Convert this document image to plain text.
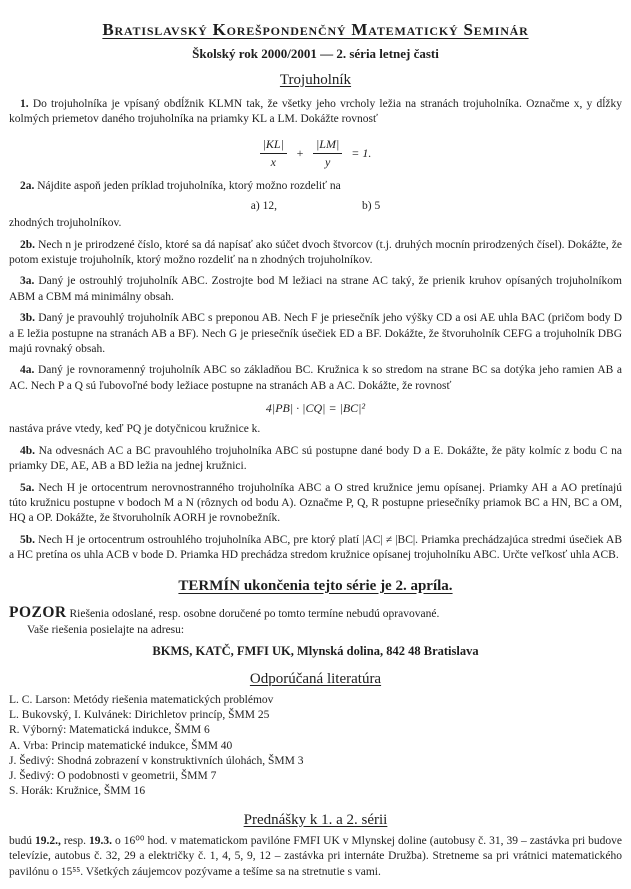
Bratislavský Korešpondenčný Matematický Seminár
Školský rok 2000/2001 — 2. séria letnej časti
Trojuholník

1. Do trojuholníka je vpísaný obdĺžnik KLMN tak, že všetky jeho vrcholy ležia na stranách trojuholníka. Označme x, y dĺžky kolmých priemetov daného trojuholníka na priamky KL a LM. Dokážte rovnosť

$\frac{|KL|}{x} + \frac{|LM|}{y} = 1$.

2a. Nájdite aspoň jeden príklad trojuholníka, ktorý možno rozdeliť na

a) 12,	b) 5

zhodných trojuholníkov.

2b. Nech n je prirodzené číslo, ktoré sa dá napísať ako súčet dvoch štvorcov (t.j. druhých mocnín prirodzených čísel). Dokážte, že potom existuje trojuholník, ktorý možno rozdeliť na n zhodných trojuholníkov.

3a. Daný je ostrouhlý trojuholník ABC. Zostrojte bod M ležiaci na strane AC taký, že prienik kruhov opísaných trojuholníkom ABM a CBM má minimálny obsah.

3b. Daný je pravouhlý trojuholník ABC s preponou AB. Nech F je priesečník jeho výšky CD a osi AE uhla BAC (pričom body D a E ležia postupne na stranách AB a BF). Nech G je priesečník úsečiek ED a BF. Dokážte, že štvoruholník CEFG a trojuholník DBG majú rovnaký obsah.

4a. Daný je rovnoramenný trojuholník ABC so základňou BC. Kružnica k so stredom na strane BC sa dotýka jeho ramien AB a AC. Nech P a Q sú ľubovoľné body ležiace postupne na stranách AB a AC. Dokážte, že rovnosť

4|PB| · |CQ| = |BC|²

nastáva práve vtedy, keď PQ je dotyčnicou kružnice k.

4b. Na odvesnách AC a BC pravouhlého trojuholníka ABC sú postupne dané body D a E. Dokážte, že päty kolmíc z bodu C na priamky DE, AE, AB a BD ležia na jednej kružnici.

5a. Nech H je ortocentrum nerovnostranného trojuholníka ABC a O stred kružnice jemu opísanej. Priamky AH a AO pretínajú túto kružnicu postupne v bodoch M a N (rôznych od bodu A). Označme P, Q, R postupne priesečníky priamok BC a HN, BC a OM, HQ a OP. Dokážte, že štvoruholník AORH je rovnobežník.

5b. Nech H je ortocentrum ostrouhlého trojuholníka ABC, pre ktorý platí |AC| ≠ |BC|. Priamka prechádzajúca stredmi úsečiek AB a HC pretína os uhla ACB v bode D. Priamka HD prechádza stredom kružnice opísanej trojuholníku ABC. Určte veľkosť uhla ACB.

TERMÍN ukončenia tejto série je 2. apríla.

POZOR Riešenia odoslané, resp. osobne doručené po tomto termíne nebudú opravované.

Vaše riešenia posielajte na adresu:

BKMS, KATČ, FMFI UK, Mlynská dolina, 842 48 Bratislava

Odporúčaná literatúra
L. C. Larson: Metódy riešenia matematických problémov
L. Bukovský, I. Kulvánek: Dirichletov princíp, ŠMM 25
R. Výborný: Matematická indukce, ŠMM 6
A. Vrba: Princip matematické indukce, ŠMM 40
J. Šedivý: Shodná zobrazení v konstruktivních úlohách, ŠMM 3
J. Šedivý: O podobnosti v geometrii, ŠMM 7
S. Horák: Kružnice, ŠMM 16
Prednášky k 1. a 2. sérii

budú 19.2., resp. 19.3. o 16⁰⁰ hod. v matematickom pavilóne FMFI UK v Mlynskej doline (autobusy č. 31, 39 – zastávka pri budove televízie, autobus č. 32, 29 a električky č. 1, 4, 5, 9, 12 – zastávka pri internáte Družba). Stretneme sa pri vrátnici matematického pavilónu o 15⁵⁵. Všetkých záujemcov pozývame a tešíme sa na stretnutie s vami.
